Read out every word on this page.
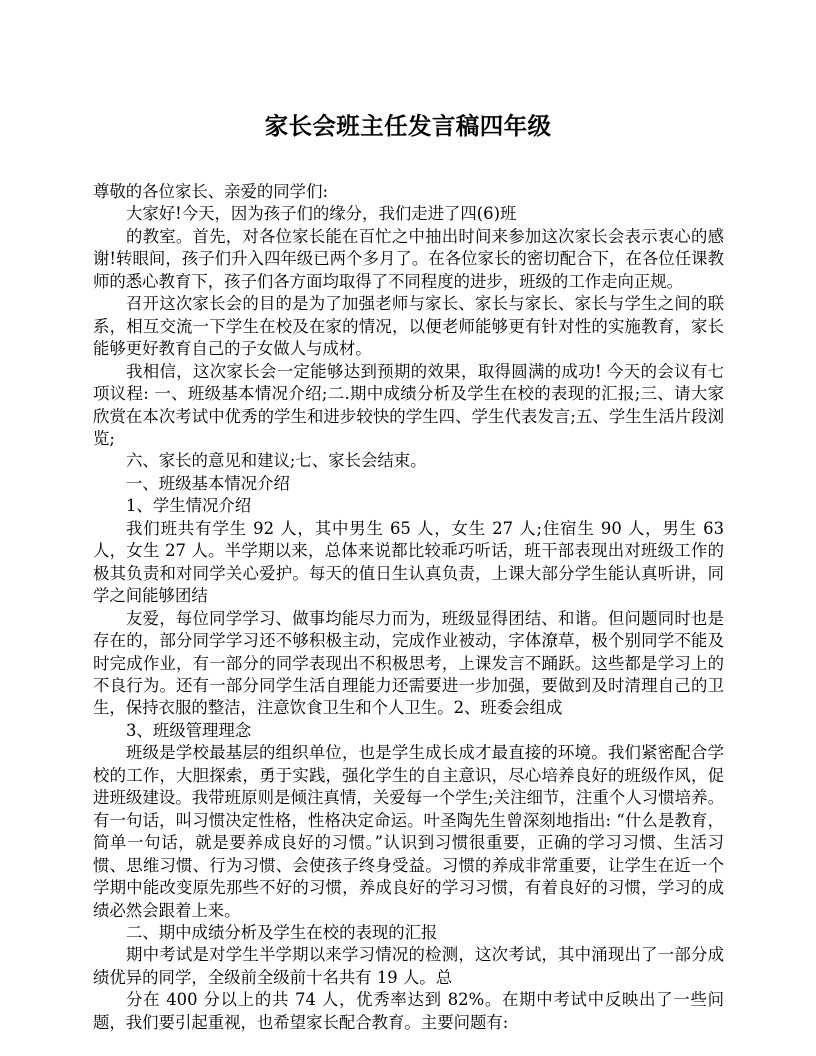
家长会班主任发言稿四年级

尊敬的各位家长、亲爱的同学们:

大家好!今天，因为孩子们的缘分，我们走进了四(6)班

的教室。首先，对各位家长能在百忙之中抽出时间来参加这次家长会表示衷心的感谢!转眼间，孩子们升入四年级已两个多月了。在各位家长的密切配合下，在各位任课教师的悉心教育下，孩子们各方面均取得了不同程度的进步，班级的工作走向正规。

召开这次家长会的目的是为了加强老师与家长、家长与家长、家长与学生之间的联系，相互交流一下学生在校及在家的情况，以便老师能够更有针对性的实施教育，家长能够更好教育自己的子女做人与成材。

我相信，这次家长会一定能够达到预期的效果，取得圆满的成功! 今天的会议有七项议程: 一、班级基本情况介绍;二.期中成绩分析及学生在校的表现的汇报;三、请大家欣赏在本次考试中优秀的学生和进步较快的学生四、学生代表发言;五、学生生活片段浏览;

六、家长的意见和建议;七、家长会结束。

一、班级基本情况介绍

1、学生情况介绍

我们班共有学生 92 人，其中男生 65 人，女生 27 人;住宿生 90 人，男生 63 人，女生 27 人。半学期以来，总体来说都比较乖巧听话，班干部表现出对班级工作的极其负责和对同学关心爱护。每天的值日生认真负责，上课大部分学生能认真听讲，同学之间能够团结

友爱，每位同学学习、做事均能尽力而为，班级显得团结、和谐。但问题同时也是存在的，部分同学学习还不够积极主动，完成作业被动，字体潦草，极个别同学不能及时完成作业，有一部分的同学表现出不积极思考，上课发言不踊跃。这些都是学习上的不良行为。还有一部分同学生活自理能力还需要进一步加强，要做到及时清理自己的卫生，保持衣服的整洁，注意饮食卫生和个人卫生。2、班委会组成

3、班级管理理念

班级是学校最基层的组织单位，也是学生成长成才最直接的环境。我们紧密配合学校的工作，大胆探索，勇于实践，强化学生的自主意识，尽心培养良好的班级作风，促进班级建设。我带班原则是倾注真情，关爱每一个学生;关注细节，注重个人习惯培养。有一句话，叫习惯决定性格，性格决定命运。叶圣陶先生曾深刻地指出: “什么是教育，简单一句话，就是要养成良好的习惯。”认识到习惯很重要，正确的学习习惯、生活习惯、思维习惯、行为习惯、会使孩子终身受益。习惯的养成非常重要，让学生在近一个学期中能改变原先那些不好的习惯，养成良好的学习习惯，有着良好的习惯，学习的成绩必然会跟着上来。

二、期中成绩分析及学生在校的表现的汇报

期中考试是对学生半学期以来学习情况的检测，这次考试，其中涌现出了一部分成绩优异的同学，全级前全级前十名共有 19 人。总

分在 400 分以上的共 74 人，优秀率达到 82%。在期中考试中反映出了一些问题，我们要引起重视，也希望家长配合教育。主要问题有:
